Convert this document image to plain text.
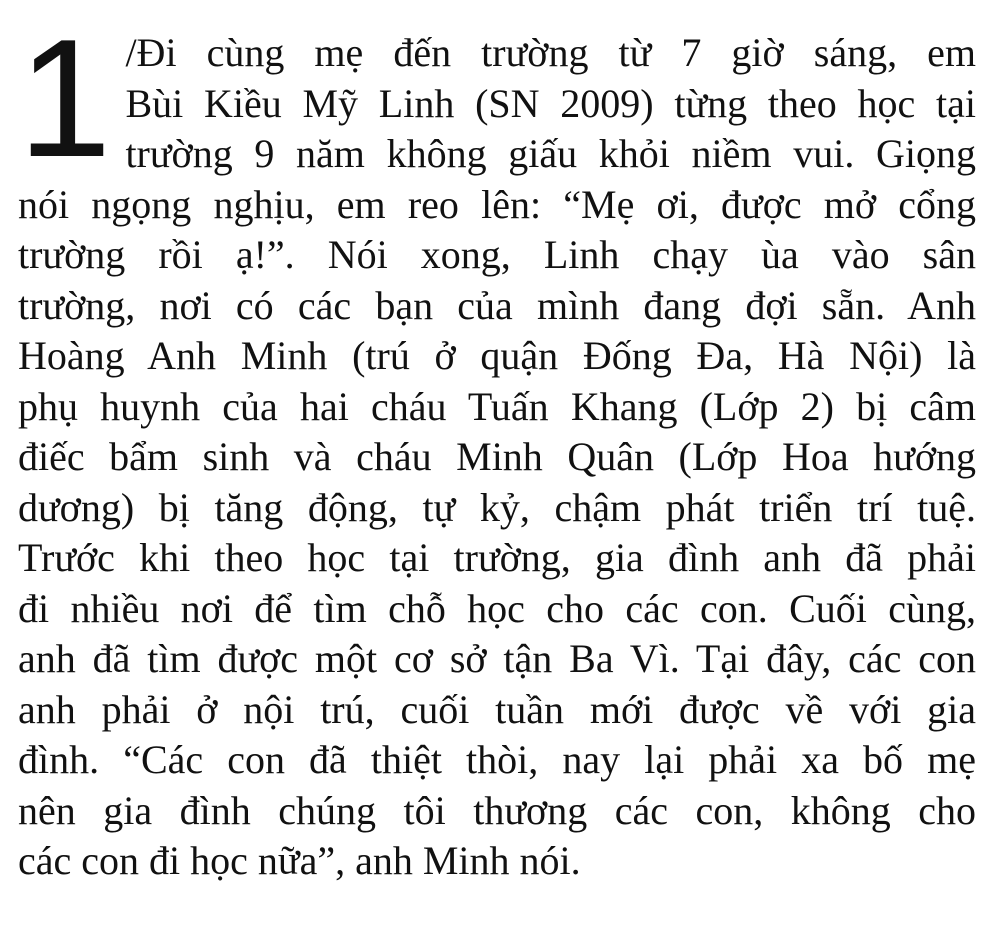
1 /Đi cùng mẹ đến trường từ 7 giờ sáng, em
Bùi Kiều Mỹ Linh (SN 2009) từng theo học tại
trường 9 năm không giấu khỏi niềm vui. Giọng
nói ngọng nghịu, em reo lên: “Mẹ ơi, được mở cổng
trường rồi ạ!”. Nói xong, Linh chạy ùa vào sân
trường, nơi có các bạn của mình đang đợi sẵn. Anh
Hoàng Anh Minh (trú ở quận Đống Đa, Hà Nội) là
phụ huynh của hai cháu Tuấn Khang (Lớp 2) bị câm
điếc bẩm sinh và cháu Minh Quân (Lớp Hoa hướng
dương) bị tăng động, tự kỷ, chậm phát triển trí tuệ.
Trước khi theo học tại trường, gia đình anh đã phải
đi nhiều nơi để tìm chỗ học cho các con. Cuối cùng,
anh đã tìm được một cơ sở tận Ba Vì. Tại đây, các con
anh phải ở nội trú, cuối tuần mới được về với gia
đình. “Các con đã thiệt thòi, nay lại phải xa bố mẹ
nên gia đình chúng tôi thương các con, không cho
các con đi học nữa”, anh Minh nói.
